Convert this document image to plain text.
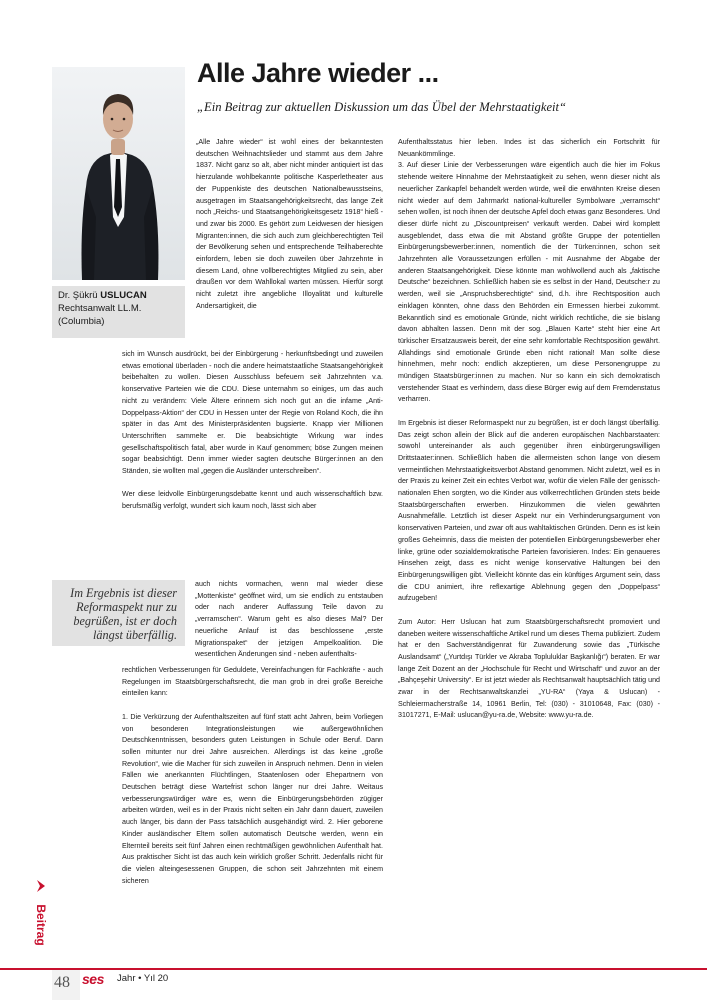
Dr. Şükrü USLUCAN
Rechtsanwalt LL.M.
(Columbia)
Alle Jahre wieder ...
„Ein Beitrag zur aktuellen Diskussion um das Übel der Mehrstaatigkeit“

„Alle Jahre wieder“ ist wohl eines der bekanntesten deutschen Weihnachtslieder und stammt aus dem Jahre 1837. Nicht ganz so alt, aber nicht minder antiquiert ist das hierzulande wohlbekannte politische Kasperletheater aus der Puppenkiste des deutschen Nationalbewusstseins, ausgetragen im Staatsangehörigkeitsrecht, das lange Zeit noch „Reichs- und Staatsangehörigkeitsgesetz 1918“ hieß - und zwar bis 2000. Es gehört zum Leidwesen der hiesigen Migranten:innen, die sich auch zum gleichberechtigten Teil der Bevölkerung sehen und entsprechende Teilhaberechte einfordern, leben sie doch zuweilen über Jahrzehnte in diesem Land, ohne vollberechtigtes Mitglied zu sein, aber draußen vor dem Wahllokal warten müssen. Hierfür sorgt nicht zuletzt ihre angebliche Illoyalität und kulturelle Andersartigkeit, die

sich im Wunsch ausdrückt, bei der Einbürgerung - herkunftsbedingt und zuweilen etwas emotional überladen - noch die andere heimatstaatliche Staatsangehörigkeit beibehalten zu wollen. Diesen Ausschluss befeuern seit Jahrzehnten v.a. konservative Parteien wie die CDU. Diese unternahm so einiges, um das auch nicht zu verändern: Viele Ältere erinnern sich noch gut an die infame „Anti- Doppelpass-Aktion“ der CDU in Hessen unter der Regie von Roland Koch, die ihn später in das Amt des Ministerpräsidenten bugsierte. Knapp vier Millionen Unterschriften sammelte er. Die beabsichtigte Wirkung war indes gesellschaftspolitisch fatal, aber wurde in Kauf genommen; böse Zungen meinen sogar beabsichtigt. Denn immer wieder sagten deutsche Bürger:innen an den Ständen, sie wollten mal „gegen die Ausländer unterschreiben“.

Wer diese leidvolle Einbürgerungsdebatte kennt und auch wissenschaftlich bzw. berufsmäßig verfolgt, wundert sich kaum noch, lässt sich aber

auch nichts vormachen, wenn mal wieder diese „Mottenkiste“ geöffnet wird, um sie endlich zu entstauben oder nach anderer Auffassung Teile davon zu „verramschen“. Warum geht es also dieses Mal? Der neuerliche Anlauf ist das beschlossene „erste Migrationspaket“ der jetzigen Ampelkoalition. Die wesentlichen Änderungen sind - neben aufenthalts-

rechtlichen Verbesserungen für Geduldete, Vereinfachungen für Fachkräfte - auch Regelungen im Staatsbürgerschaftsrecht, die man grob in drei große Bereiche einteilen kann:

1. Die Verkürzung der Aufenthaltszeiten auf fünf statt acht Jahren, beim Vorliegen von besonderen Integrationsleistungen wie außergewöhnlichen Deutschkenntnissen, besonders guten Leistungen in Schule oder Beruf. Dann sollen mitunter nur drei Jahre ausreichen. Allerdings ist das keine „große Revolution“, wie die Macher für sich zuweilen in Anspruch nehmen. Denn in vielen Fällen wie anerkannten Flüchtlingen, Staatenlosen oder Ehepartnern von Deutschen beträgt diese Wartefrist schon länger nur drei Jahre. Weitaus verbesserungswürdiger wäre es, wenn die Einbürgerungsbehörden zügiger arbeiten würden, weil es in der Praxis nicht selten ein Jahr dann dauert, zuweilen auch länger, bis dann der Pass tatsächlich ausgehändigt wird. 2. Hier geborene Kinder ausländischer Eltern sollen automatisch Deutsche werden, wenn ein Elternteil bereits seit fünf Jahren einen rechtmäßigen gewöhnlichen Aufenthalt hat. Aus praktischer Sicht ist das auch kein wirklich großer Schritt. Jedenfalls nicht für die vielen alteingesessenen Gruppen, die schon seit Jahrzehnten mit einem sicheren

Aufenthaltsstatus hier leben. Indes ist das sicherlich ein Fortschritt für Neuankömmlinge.

3. Auf dieser Linie der Verbesserungen wäre eigentlich auch die hier im Fokus stehende weitere Hinnahme der Mehrstaatigkeit zu sehen, wenn dieser nicht als neuerlicher Zankapfel behandelt werden würde, weil die erwähnten Kreise diesen nicht wieder auf dem Jahrmarkt national-kultureller Symbolware „verramscht“ sehen wollen, ist noch ihnen der deutsche Apfel doch etwas ganz Besonderes. Und dieser dürfe nicht zu „Discountpreisen“ verkauft werden. Dabei wird komplett ausgeblendet, dass etwa die mit Abstand größte Gruppe der potentiellen Einbürgerungsbewerber:innen, nomentlich die der Türken:innen, schon seit Jahrzehnten alle Voraussetzungen erfüllen - mit Ausnahme der Abgabe der anderen Staatsangehörigkeit. Diese könnte man wohlwollend auch als „faktische Deutsche“ bezeichnen. Schließlich haben sie es selbst in der Hand, Deutsche:r zu werden, weil sie „Anspruchsberechtigte“ sind, d.h. ihre Rechtsposition auch einklagen könnten, ohne dass den Behörden ein Ermessen hierbei zukommt. Bekanntlich sind es emotionale Gründe, nicht wirklich rechtliche, die sie bislang davon abhalten lassen. Denn mit der sog. „Blauen Karte“ steht hier eine Art türkischer Ersatzausweis bereit, der eine sehr komfortable Rechtsposition gewährt. Allahdings sind emotionale Gründe eben nicht rational! Man sollte diese hinnehmen, mehr noch: endlich akzeptieren, um diese Personengruppe zu mündigen Staatsbürger:innen zu machen. Nur so kann ein sich demokratisch verstehender Staat es verhindern, dass diese Bürger ewig auf dem Fremdenstatus verharren.

Im Ergebnis ist dieser Reformaspekt nur zu begrüßen, ist er doch längst überfällig. Das zeigt schon allein der Blick auf die anderen europäischen Nachbarstaaten: sowohl untereinander als auch gegenüber ihren einbürgerungswilligen Drittstaater:innen. Schließlich haben die allermeisten schon lange von diesem vermeintlichen Mehrstaatigkeitsverbot Abstand genommen. Nicht zuletzt, weil es in der Praxis zu keiner Zeit ein echtes Verbot war, wofür die vielen Fälle der genissch- nationalen Ehen sorgten, wo die Kinder aus völkerrechtlichen Gründen stets beide Staatsbürgerschaften erwerben. Hinzukommen die vielen gewährten Ausnahmefälle. Letztlich ist dieser Aspekt nur ein Verhinderungsargument von konservativen Parteien, und zwar oft aus wahltaktischen Gründen. Denn es ist kein großes Geheimnis, dass die meisten der potentiellen Einbürgerungsbewerber eher linke, grüne oder sozialdemokratische Parteien favorisieren. Indes: Ein genaueres Hinsehen zeigt, dass es nicht wenige konservative Haltungen bei den Einbürgerungswilligen gibt. Vielleicht könnte das ein künftiges Argument sein, dass die CDU animiert, ihre reflexartige Ablehnung gegen den „Doppelpass“ aufzugeben!

Zum Autor: Herr Uslucan hat zum Staatsbürgerschaftsrecht promoviert und daneben weitere wissenschaftliche Artikel rund um dieses Thema publiziert. Zudem hat er den Sachverständigenrat für Zuwanderung sowie das „Türkische Auslandsamt“ („Yurtdışı Türkler ve Akraba Topluluklar Başkanlığı“) beraten. Er war lange Zeit Dozent an der „Hochschule für Recht und Wirtschaft“ und zuvor an der „Bahçeşehir University“. Er ist jetzt wieder als Rechtsanwalt hauptsächlich tätig und zwar in der Rechtsanwaltskanzlei „YU-RA“ (Yaya & Uslucan) - Schleiermacherstraße 14, 10961 Berlin, Tel: (030) - 31010648, Fax: (030) - 31017271, E-Mail: uslucan@yu-ra.de, Website: www.yu-ra.de.

Im Ergebnis ist dieser Reformaspekt nur zu begrüßen, ist er doch längst überfällig.
Beitrag
48 ses Jahr • Yıl 20
